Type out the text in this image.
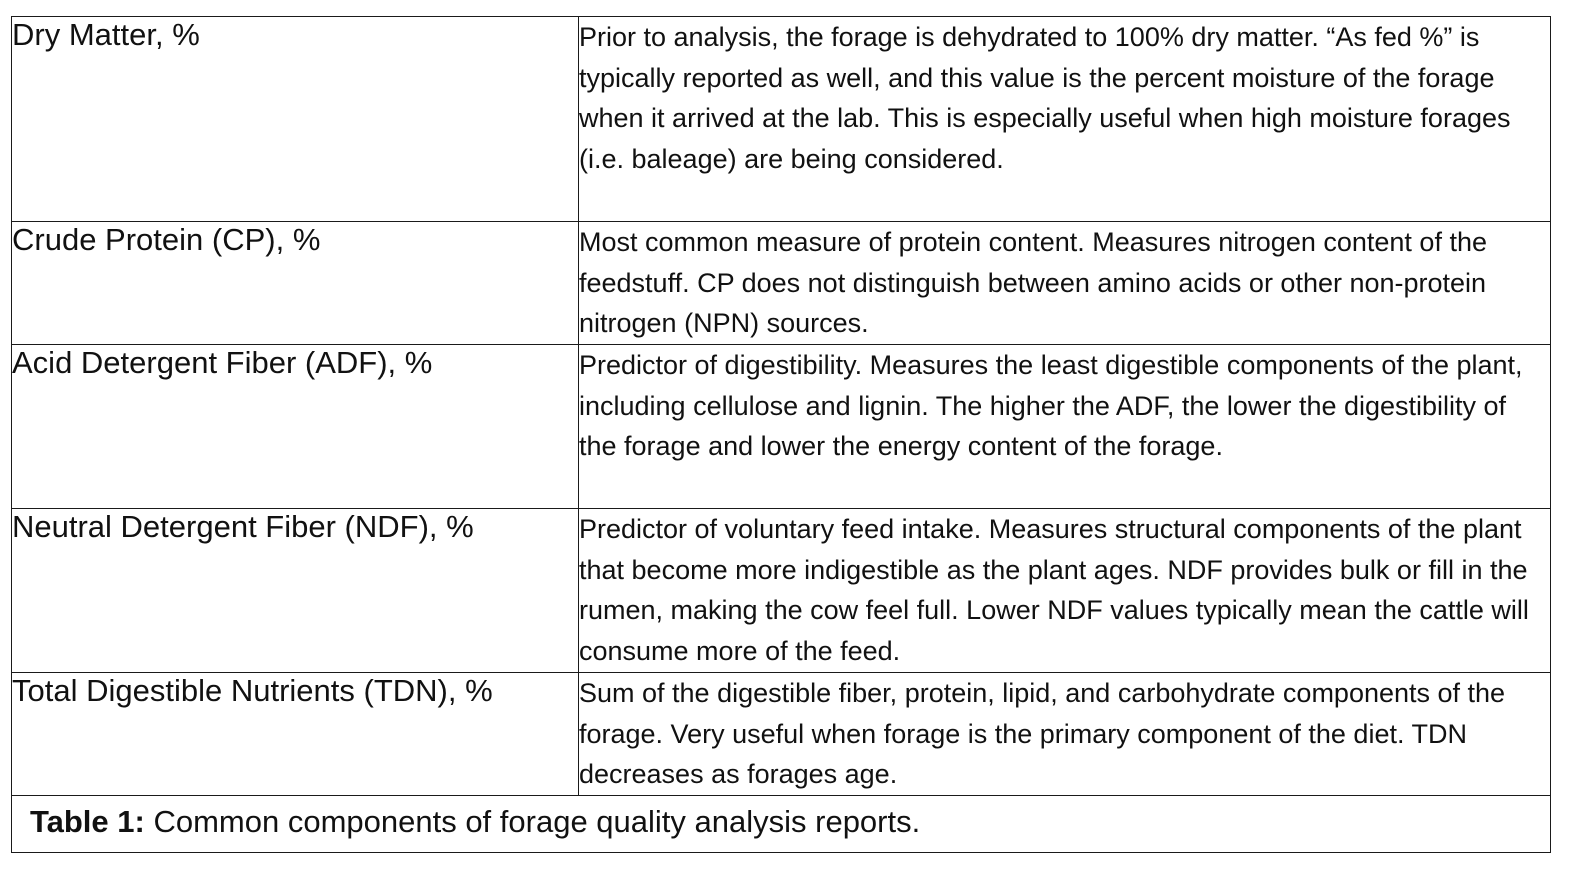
Dry Matter, %	Prior to analysis, the forage is dehydrated to 100% dry matter. “As fed %” is typically reported as well, and this value is the percent moisture of the forage when it arrived at the lab. This is especially useful when high moisture forages (i.e. baleage) are being considered.
Crude Protein (CP), %	Most common measure of protein content. Measures nitrogen content of the feedstuff. CP does not distinguish between amino acids or other non-protein nitrogen (NPN) sources.
Acid Detergent Fiber (ADF), %	Predictor of digestibility. Measures the least digestible components of the plant, including cellulose and lignin. The higher the ADF, the lower the digestibility of the forage and lower the energy content of the forage.
Neutral Detergent Fiber (NDF), %	Predictor of voluntary feed intake. Measures structural components of the plant that become more indigestible as the plant ages. NDF provides bulk or fill in the rumen, making the cow feel full. Lower NDF values typically mean the cattle will consume more of the feed.
Total Digestible Nutrients (TDN), %	Sum of the digestible fiber, protein, lipid, and carbohydrate components of the forage. Very useful when forage is the primary component of the diet. TDN decreases as forages age.
Table 1: Common components of forage quality analysis reports.	
